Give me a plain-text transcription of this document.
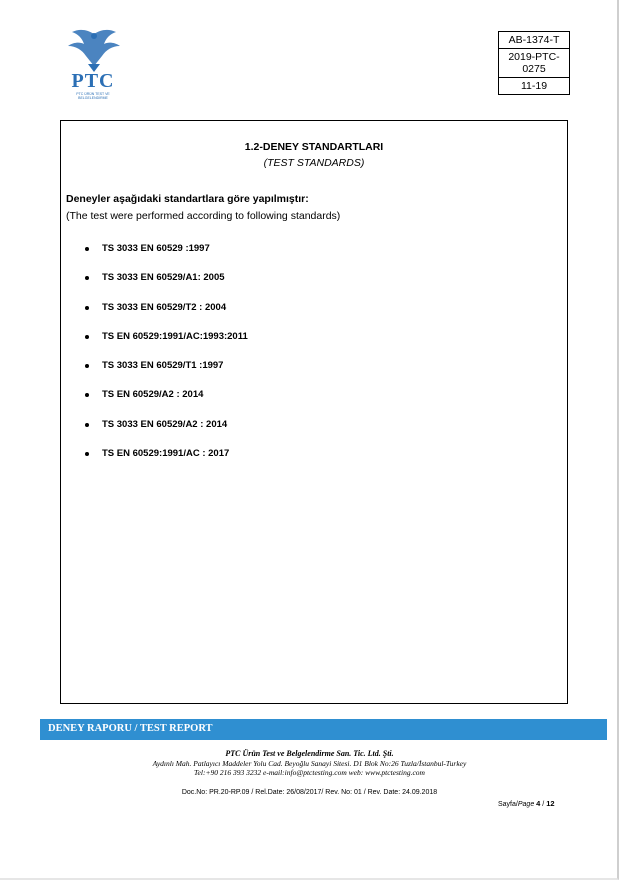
PTC
PTC ÜRÜN TEST VE BELGELENDİRME
AB-1374-T
2019-PTC-0275
11-19
1.2-DENEY STANDARTLARI
(TEST STANDARDS)
Deneyler aşağıdaki standartlara göre yapılmıştır:
(The test were performed according to following standards)
TS 3033 EN 60529 :1997
TS 3033 EN 60529/A1: 2005
TS 3033 EN 60529/T2 : 2004
TS EN 60529:1991/AC:1993:2011
TS 3033 EN 60529/T1 :1997
TS EN 60529/A2 : 2014
TS 3033 EN 60529/A2 : 2014
TS EN 60529:1991/AC : 2017
DENEY RAPORU / TEST REPORT
PTC Ürün Test ve Belgelendirme San. Tic. Ltd. Şti.
Aydınlı Mah. Patlayıcı Maddeler Yolu Cad. Beyoğlu Sanayi Sitesi. D1 Blok No:26 Tuzla/İstanbul-Turkey
Tel:+90 216 393 3232 e-mail:info@ptctesting.com web: www.ptctesting.com
Doc.No: PR.20-RP.09 / Rel.Date: 26/08/2017/ Rev. No: 01 / Rev. Date: 24.09.2018
Sayfa/Page 4 / 12
